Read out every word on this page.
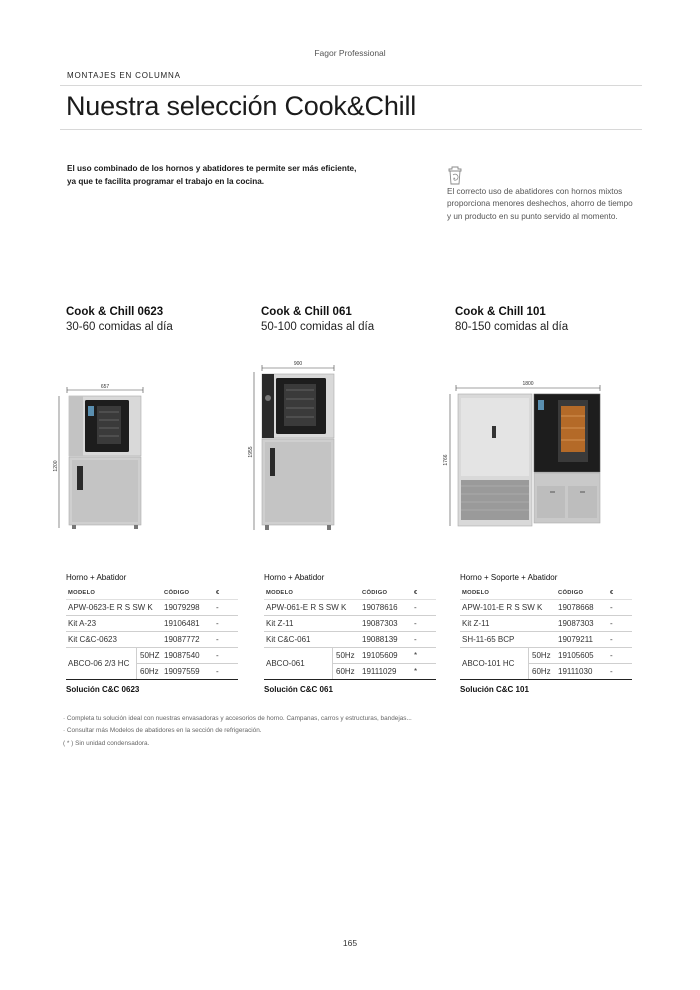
Fagor Professional
MONTAJES EN COLUMNA
Nuestra selección Cook&Chill
El uso combinado de los hornos y abatidores te permite ser más eficiente,
ya que te facilita programar el trabajo en la cocina.
El correcto uso de abatidores con hornos mixtos
proporciona menores deshechos, ahorro de tiempo
y un producto en su punto servido al momento.
Cook & Chill 0623
30-60 comidas al día
Cook & Chill 061
50-100 comidas al día
Cook & Chill 101
80-150 comidas al día
657
1200
900
1955
1800
1766
Horno + Abatidor
MODELO	CÓDIGO	€
APW-0623-E R S SW K	19079298	-
Kit A-23	19106481	-
Kit C&C-0623	19087772	-
ABCO-06 2/3 HC
50HZ 19087540	-
60Hz 19097559	-
Solución C&C 0623
Horno + Abatidor
MODELO	CÓDIGO	€
APW-061-E R S SW K	19078616	-
Kit Z-11	19087303	-
Kit C&C-061	19088139	-
ABCO-061
50Hz 19105609	*
60Hz 19111029	*
Solución C&C 061
Horno + Soporte + Abatidor
MODELO	CÓDIGO	€
APW-101-E R S SW K	19078668	-
Kit Z-11	19087303	-
SH-11-65 BCP	19079211	-
ABCO-101 HC
50Hz 19105605	-
60Hz 19111030	-
Solución C&C 101
· Completa tu solución ideal con nuestras envasadoras y accesorios de horno. Campanas, carros y estructuras, bandejas...
· Consultar más Modelos de abatidores en la sección de refrigeración.
( * ) Sin unidad condensadora.
165
